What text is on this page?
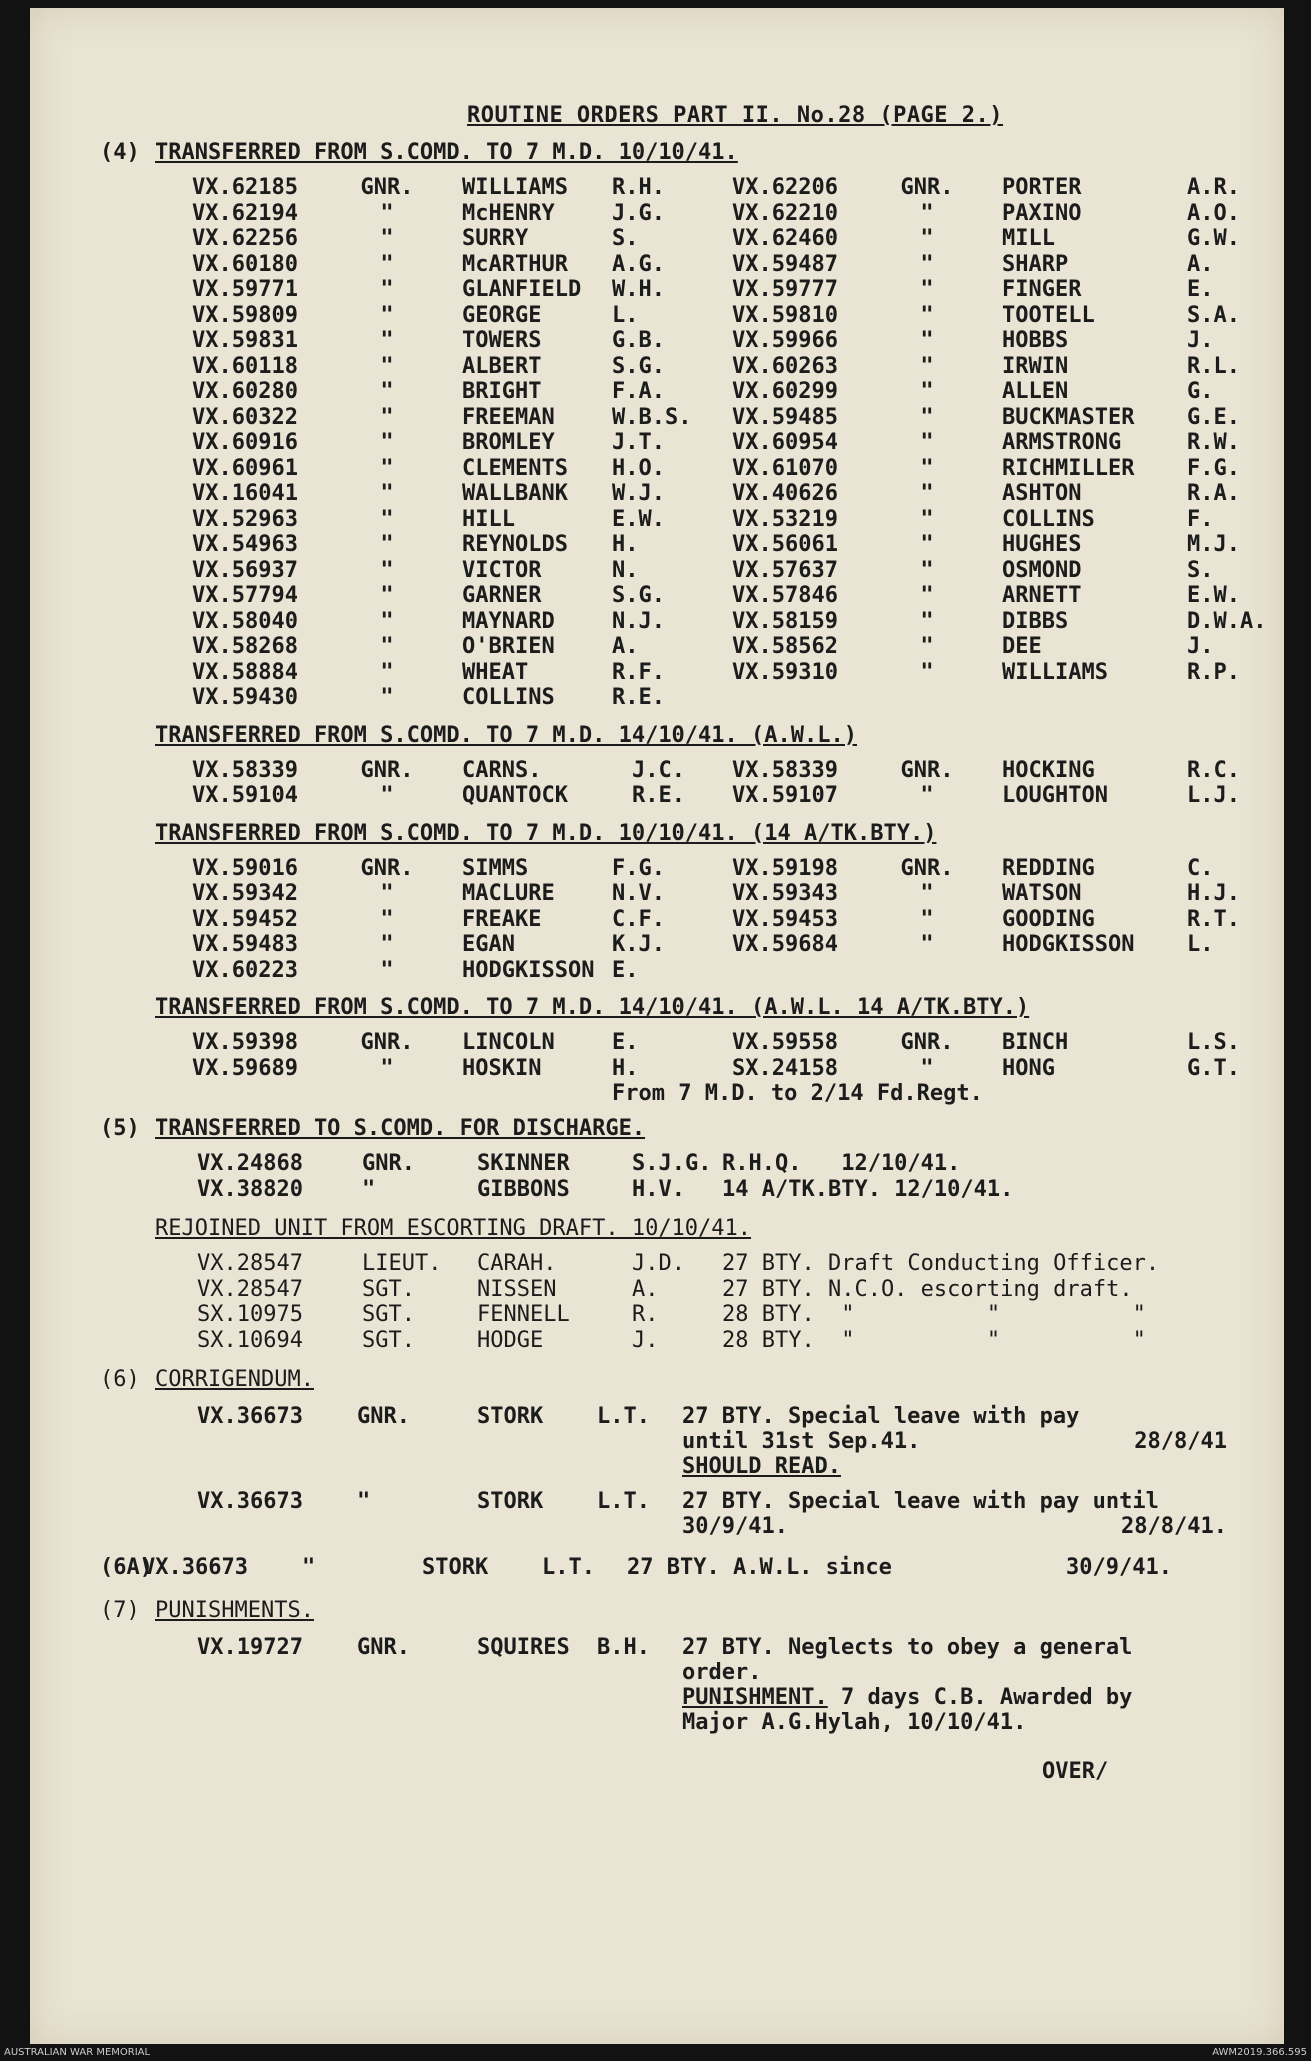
ROUTINE ORDERS PART II. No.28 (PAGE 2.)
(4) TRANSFERRED FROM S.COMD. TO 7 M.D. 10/10/41.
VX.62185	GNR.	WILLIAMS	R.H.	VX.62206	GNR.	PORTER	A.R.
VX.62194	"	McHENRY	J.G.	VX.62210	"	PAXINO	A.O.
VX.62256	"	SURRY	S.	VX.62460	"	MILL	G.W.
VX.60180	"	McARTHUR	A.G.	VX.59487	"	SHARP	A.
VX.59771	"	GLANFIELD	W.H.	VX.59777	"	FINGER	E.
VX.59809	"	GEORGE	L.	VX.59810	"	TOOTELL	S.A.
VX.59831	"	TOWERS	G.B.	VX.59966	"	HOBBS	J.
VX.60118	"	ALBERT	S.G.	VX.60263	"	IRWIN	R.L.
VX.60280	"	BRIGHT	F.A.	VX.60299	"	ALLEN	G.
VX.60322	"	FREEMAN	W.B.S.	VX.59485	"	BUCKMASTER	G.E.
VX.60916	"	BROMLEY	J.T.	VX.60954	"	ARMSTRONG	R.W.
VX.60961	"	CLEMENTS	H.O.	VX.61070	"	RICHMILLER	F.G.
VX.16041	"	WALLBANK	W.J.	VX.40626	"	ASHTON	R.A.
VX.52963	"	HILL	E.W.	VX.53219	"	COLLINS	F.
VX.54963	"	REYNOLDS	H.	VX.56061	"	HUGHES	M.J.
VX.56937	"	VICTOR	N.	VX.57637	"	OSMOND	S.
VX.57794	"	GARNER	S.G.	VX.57846	"	ARNETT	E.W.
VX.58040	"	MAYNARD	N.J.	VX.58159	"	DIBBS	D.W.A.
VX.58268	"	O'BRIEN	A.	VX.58562	"	DEE	J.
VX.58884	"	WHEAT	R.F.	VX.59310	"	WILLIAMS	R.P.
VX.59430	"	COLLINS	R.E.
TRANSFERRED FROM S.COMD. TO 7 M.D. 14/10/41. (A.W.L.)
VX.58339	GNR.	CARNS.	J.C.	VX.58339	GNR.	HOCKING	R.C.
VX.59104	"	QUANTOCK	R.E.	VX.59107	"	LOUGHTON	L.J.
TRANSFERRED FROM S.COMD. TO 7 M.D. 10/10/41. (14 A/TK.BTY.)
VX.59016	GNR.	SIMMS	F.G.	VX.59198	GNR.	REDDING	C.
VX.59342	"	MACLURE	N.V.	VX.59343	"	WATSON	H.J.
VX.59452	"	FREAKE	C.F.	VX.59453	"	GOODING	R.T.
VX.59483	"	EGAN	K.J.	VX.59684	"	HODGKISSON	L.
VX.60223	"	HODGKISSON E.
TRANSFERRED FROM S.COMD. TO 7 M.D. 14/10/41. (A.W.L. 14 A/TK.BTY.)
VX.59398	GNR.	LINCOLN	E.	VX.59558	GNR.	BINCH	L.S.
VX.59689	"	HOSKIN	H.	SX.24158	"	HONG	G.T.
From 7 M.D. to 2/14 Fd.Regt.
(5) TRANSFERRED TO S.COMD. FOR DISCHARGE.
VX.24868	GNR.	SKINNER	S.J.G. R.H.Q.   12/10/41.
VX.38820	"	GIBBONS	H.V.	14 A/TK.BTY. 12/10/41.
REJOINED UNIT FROM ESCORTING DRAFT. 10/10/41.
VX.28547	LIEUT.	CARAH.	J.D.	27 BTY. Draft Conducting Officer.
VX.28547	SGT.	NISSEN	A.	27 BTY. N.C.O. escorting draft.
SX.10975	SGT.	FENNELL	R.	28 BTY.  "          "          "
SX.10694	SGT.	HODGE	J.	28 BTY.  "          "          "
(6) CORRIGENDUM.
VX.36673	GNR.	STORK	L.T.	27 BTY. Special leave with pay
until 31st Sep.41.	28/8/41
SHOULD READ.
VX.36673	"	STORK	L.T.	27 BTY. Special leave with pay until
30/9/41.	28/8/41.
(6A)
VX.36673	"	STORK	L.T.	27 BTY. A.W.L. since	30/9/41.
(7) PUNISHMENTS.
VX.19727	GNR.	SQUIRES	B.H.	27 BTY. Neglects to obey a general
order.
PUNISHMENT. 7 days C.B. Awarded by
Major A.G.Hylah, 10/10/41.
OVER/
AUSTRALIAN WAR MEMORIAL	AWM2019.366.595
